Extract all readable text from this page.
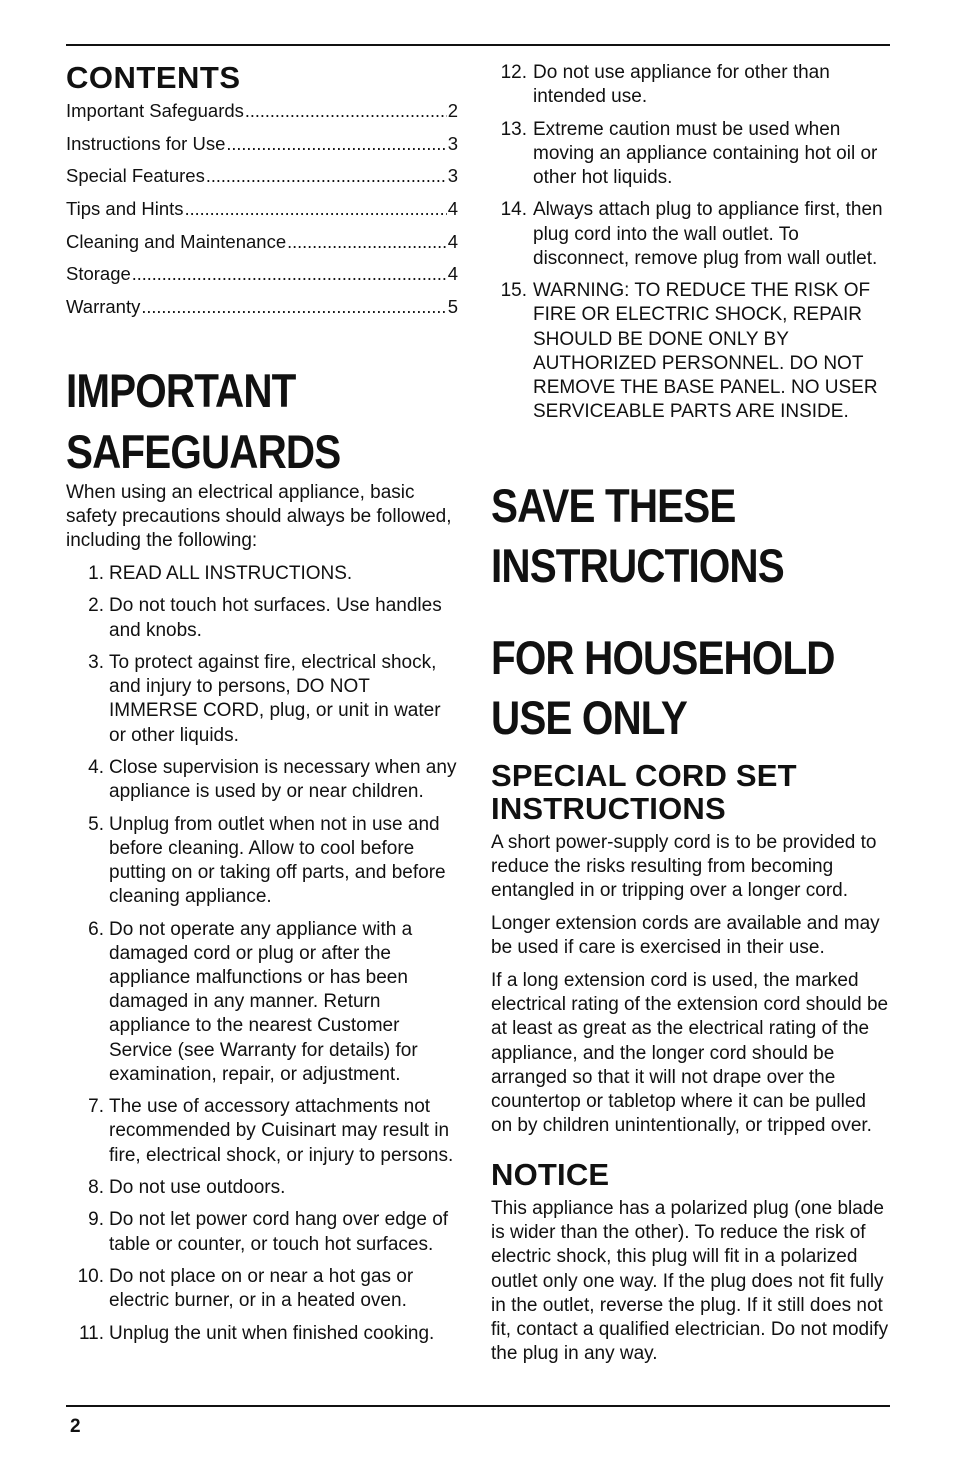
CONTENTS
Important Safeguards .....	2
Instructions for Use .....	3
Special Features .....	3
Tips and Hints .....	4
Cleaning and Maintenance .....	4
Storage .....	4
Warranty .....	5
IMPORTANT
SAFEGUARDS

When using an electrical appliance, basic safety precautions should always be followed, including the following:

1. READ ALL INSTRUCTIONS.
2. Do not touch hot surfaces. Use handles and knobs.
3. To protect against fire, electrical shock, and injury to persons, DO NOT IMMERSE CORD, plug, or unit in water or other liquids.
4. Close supervision is necessary when any appliance is used by or near children.
5. Unplug from outlet when not in use and before cleaning. Allow to cool before putting on or taking off parts, and before cleaning appliance.
6. Do not operate any appliance with a damaged cord or plug or after the appliance malfunctions or has been damaged in any manner. Return appliance to the nearest Customer Service (see Warranty for details) for examination, repair, or adjustment.
7. The use of accessory attachments not recommended by Cuisinart may result in fire, electrical shock, or injury to persons.
8. Do not use outdoors.
9. Do not let power cord hang over edge of table or counter, or touch hot surfaces.
10. Do not place on or near a hot gas or electric burner, or in a heated oven.
11. Unplug the unit when finished cooking.
12. Do not use appliance for other than intended use.
13. Extreme caution must be used when moving an appliance containing hot oil or other hot liquids.
14. Always attach plug to appliance first, then plug cord into the wall outlet. To disconnect, remove plug from wall outlet.
15. WARNING: TO REDUCE THE RISK OF FIRE OR ELECTRIC SHOCK, REPAIR SHOULD BE DONE ONLY BY AUTHORIZED PERSONNEL. DO NOT REMOVE THE BASE PANEL. NO USER SERVICEABLE PARTS ARE INSIDE.
SAVE THESE
INSTRUCTIONS
FOR HOUSEHOLD
USE ONLY
SPECIAL CORD SET
INSTRUCTIONS

A short power-supply cord is to be provided to reduce the risks resulting from becoming entangled in or tripping over a longer cord.

Longer extension cords are available and may be used if care is exercised in their use.

If a long extension cord is used, the marked electrical rating of the extension cord should be at least as great as the electrical rating of the appliance, and the longer cord should be arranged so that it will not drape over the countertop or tabletop where it can be pulled on by children unintentionally, or tripped over.

NOTICE

This appliance has a polarized plug (one blade is wider than the other). To reduce the risk of electric shock, this plug will fit in a polarized outlet only one way. If the plug does not fit fully in the outlet, reverse the plug. If it still does not fit, contact a qualified electrician. Do not modify the plug in any way.

2
